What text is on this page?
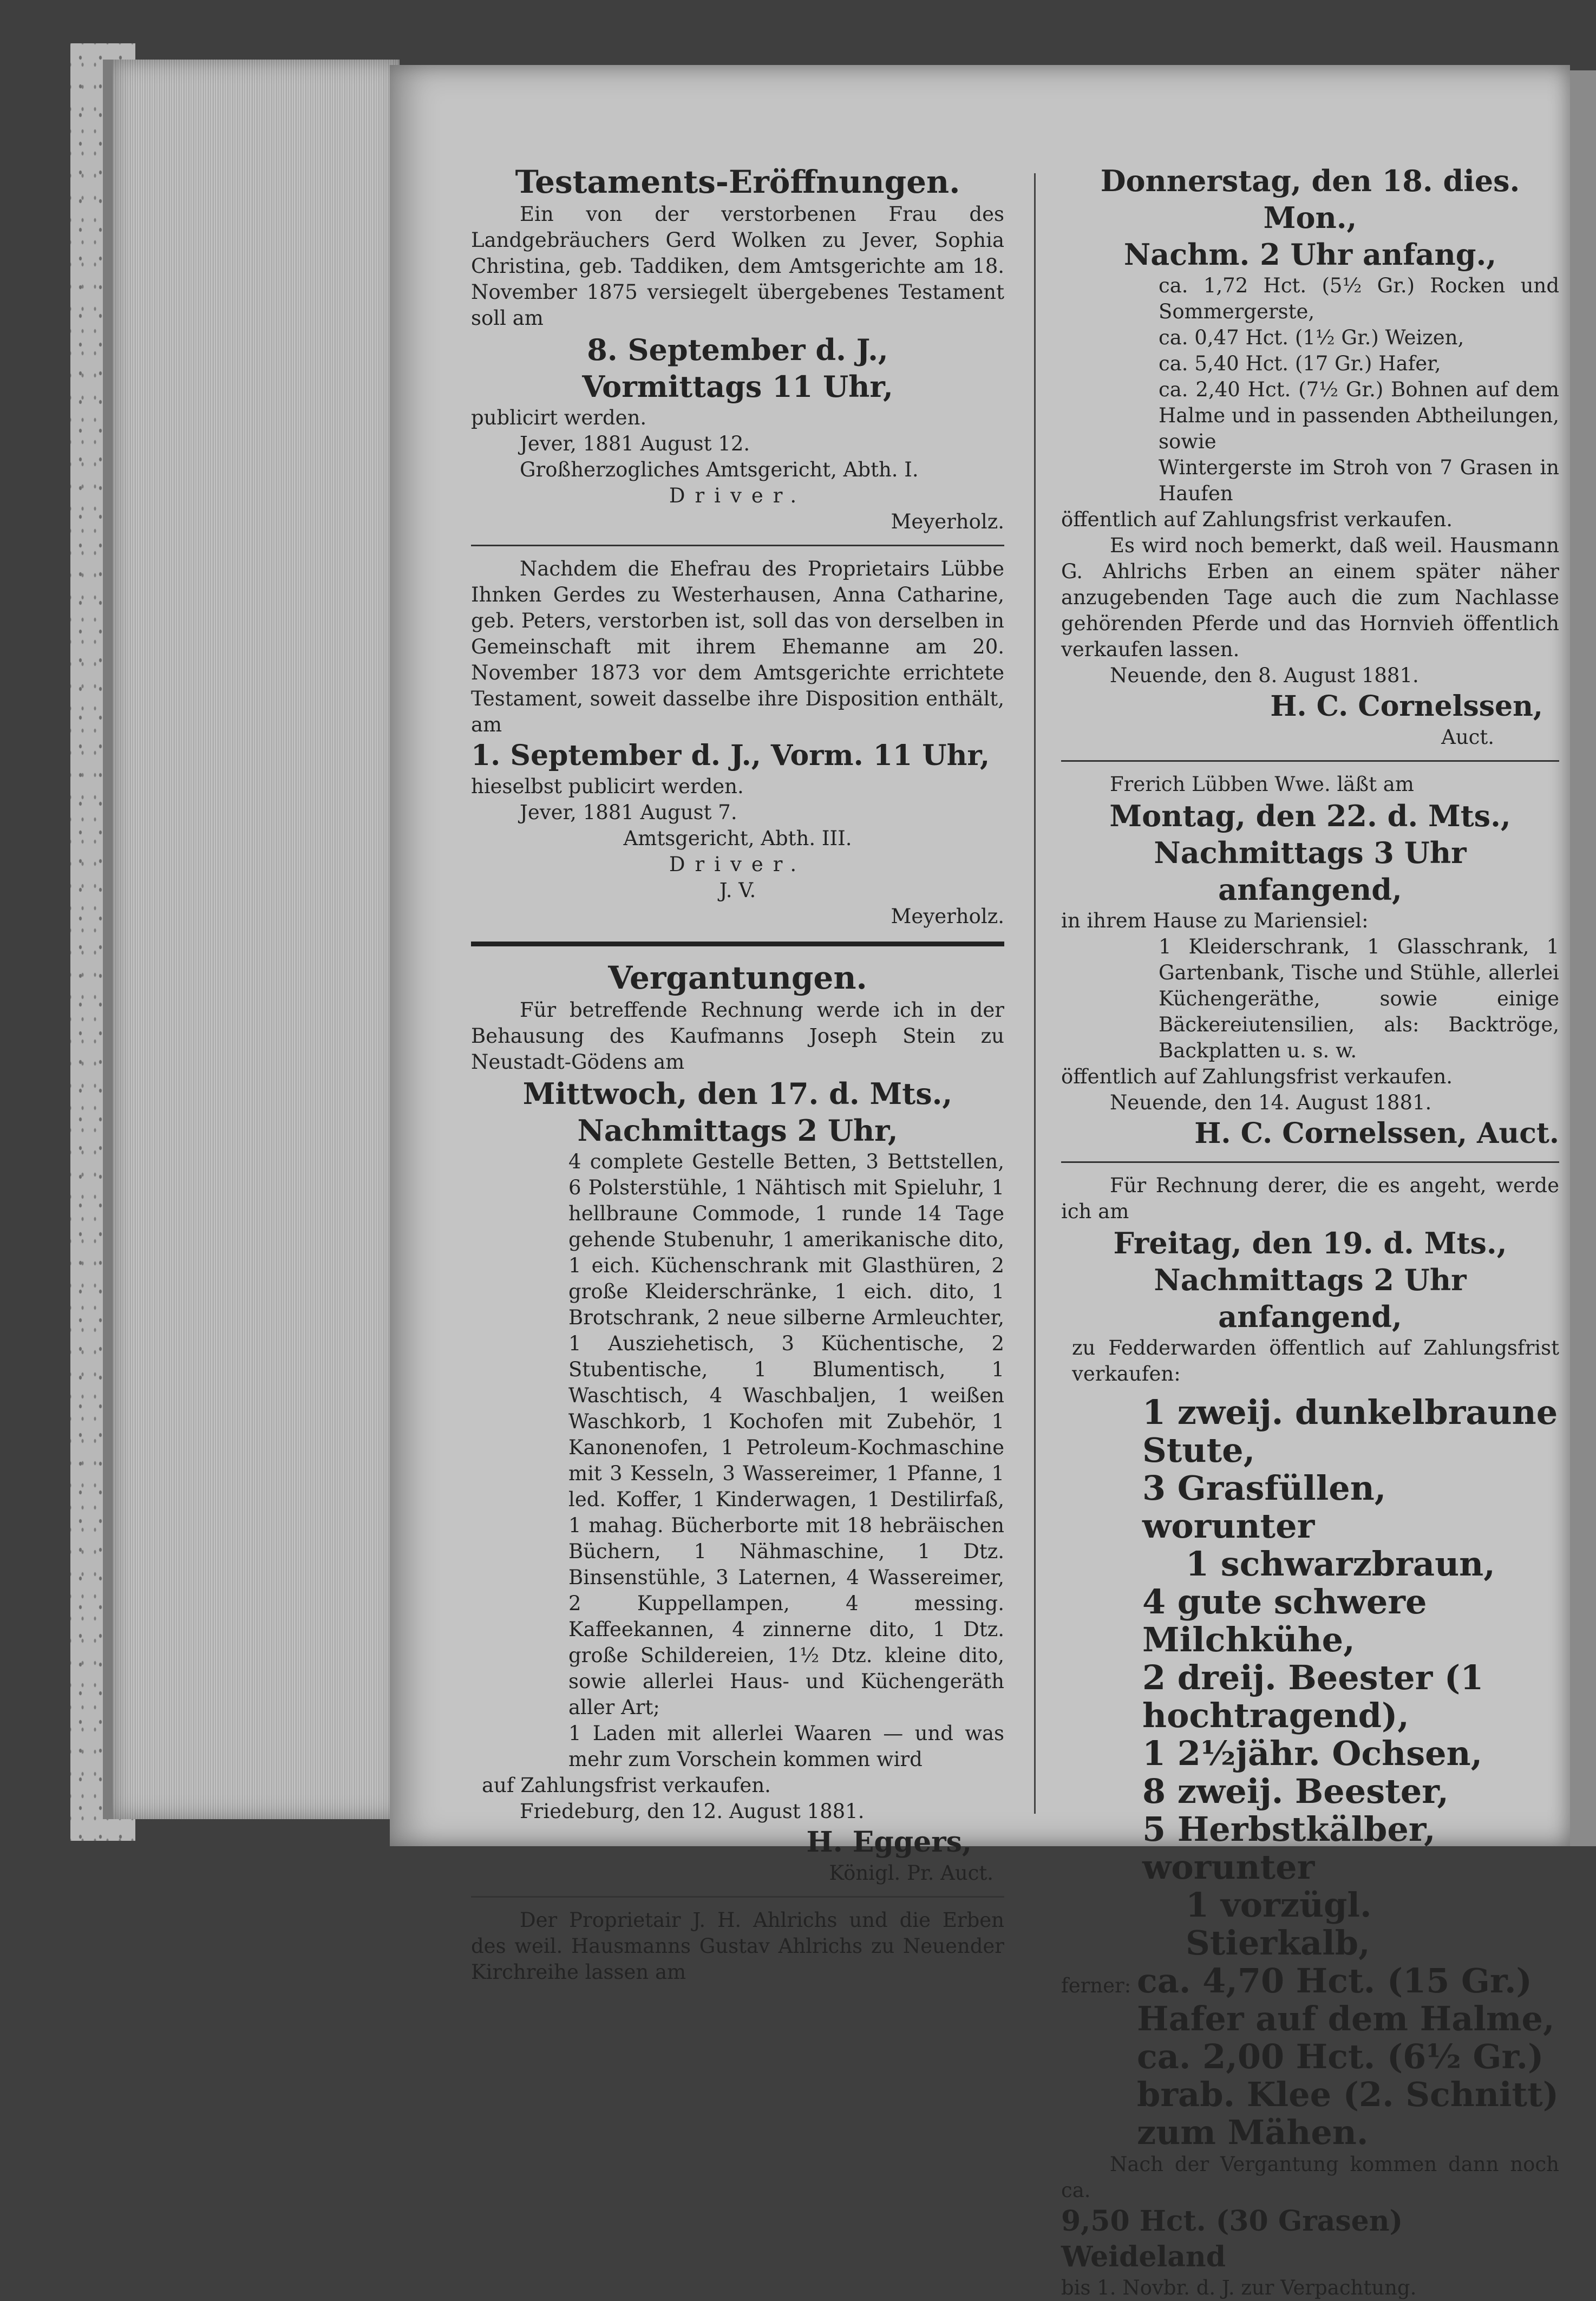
Testaments-Eröffnungen.

Ein von der verstorbenen Frau des Landgebräuchers Gerd Wolken zu Jever, Sophia Christina, geb. Taddiken, dem Amtsgerichte am 18. November 1875 versiegelt übergebenes Testament soll am

8. September d. J.,
Vormittags 11 Uhr,

publicirt werden.

Jever, 1881 August 12.

Großherzogliches Amtsgericht, Abth. I.

Driver.

Meyerholz.

Nachdem die Ehefrau des Proprietairs Lübbe Ihnken Gerdes zu Westerhausen, Anna Catharine, geb. Peters, verstorben ist, soll das von derselben in Gemeinschaft mit ihrem Ehemanne am 20. November 1873 vor dem Amtsgerichte errichtete Testament, soweit dasselbe ihre Disposition enthält, am

1. September d. J., Vorm. 11 Uhr,

hieselbst publicirt werden.

Jever, 1881 August 7.

Amtsgericht, Abth. III.

Driver.

J. V.

Meyerholz.
Vergantungen.

Für betreffende Rechnung werde ich in der Behausung des Kaufmanns Joseph Stein zu Neustadt-Gödens am

Mittwoch, den 17. d. Mts.,
Nachmittags 2 Uhr,

4 complete Gestelle Betten, 3 Bettstellen, 6 Polsterstühle, 1 Nähtisch mit Spieluhr, 1 hellbraune Commode, 1 runde 14 Tage gehende Stubenuhr, 1 amerikanische dito, 1 eich. Küchenschrank mit Glasthüren, 2 große Kleiderschränke, 1 eich. dito, 1 Brotschrank, 2 neue silberne Armleuchter, 1 Ausziehetisch, 3 Küchentische, 2 Stubentische, 1 Blumentisch, 1 Waschtisch, 4 Waschbaljen, 1 weißen Waschkorb, 1 Kochofen mit Zubehör, 1 Kanonenofen, 1 Petroleum-Kochmaschine mit 3 Kesseln, 3 Wassereimer, 1 Pfanne, 1 led. Koffer, 1 Kinderwagen, 1 Destilirfaß, 1 mahag. Bücherborte mit 18 hebräischen Büchern, 1 Nähmaschine, 1 Dtz. Binsenstühle, 3 Laternen, 4 Wassereimer, 2 Kuppellampen, 4 messing. Kaffeekannen, 4 zinnerne dito, 1 Dtz. große Schildereien, 1½ Dtz. kleine dito, sowie allerlei Haus- und Küchengeräth aller Art;

1 Laden mit allerlei Waaren — und was mehr zum Vorschein kommen wird

auf Zahlungsfrist verkaufen.

Friedeburg, den 12. August 1881.

H. Eggers,
Königl. Pr. Auct.

Der Proprietair J. H. Ahlrichs und die Erben des weil. Hausmanns Gustav Ahlrichs zu Neuender Kirchreihe lassen am

Donnerstag, den 18. dies. Mon.,
Nachm. 2 Uhr anfang.,

ca. 1,72 Hct. (5½ Gr.) Rocken und Sommergerste,

ca. 0,47 Hct. (1½ Gr.) Weizen,

ca. 5,40 Hct. (17 Gr.) Hafer,

ca. 2,40 Hct. (7½ Gr.) Bohnen auf dem Halme und in passenden Abtheilungen, sowie

Wintergerste im Stroh von 7 Grasen in Haufen

öffentlich auf Zahlungsfrist verkaufen.

Es wird noch bemerkt, daß weil. Hausmann G. Ahlrichs Erben an einem später näher anzugebenden Tage auch die zum Nachlasse gehörenden Pferde und das Hornvieh öffentlich verkaufen lassen.

Neuende, den 8. August 1881.

H. C. Cornelssen,
Auct.

Frerich Lübben Wwe. läßt am

Montag, den 22. d. Mts.,
Nachmittags 3 Uhr anfangend,

in ihrem Hause zu Mariensiel:

1 Kleiderschrank, 1 Glasschrank, 1 Gartenbank, Tische und Stühle, allerlei Küchengeräthe, sowie einige Bäckereiutensilien, als: Backtröge, Backplatten u. s. w.

öffentlich auf Zahlungsfrist verkaufen.

Neuende, den 14. August 1881.

H. C. Cornelssen, Auct.

Für Rechnung derer, die es angeht, werde ich am

Freitag, den 19. d. Mts.,
Nachmittags 2 Uhr anfangend,

zu Fedderwarden öffentlich auf Zahlungsfrist verkaufen:

1 zweij. dunkelbraune Stute,
3 Grasfüllen, worunter
1 schwarzbraun,
4 gute schwere Milchkühe,
2 dreij. Beester (1 hochtragend),
1 2½jähr. Ochsen,
8 zweij. Beester,
5 Herbstkälber, worunter
1 vorzügl. Stierkalb,
ferner: ca. 4,70 Hct. (15 Gr.)
Hafer auf dem Halme,
ca. 2,00 Hct. (6½ Gr.)
brab. Klee (2. Schnitt)
zum Mähen.

Nach der Vergantung kommen dann noch ca.

9,50 Hct. (30 Grasen) Weideland

bis 1. Novbr. d. J. zur Verpachtung.
